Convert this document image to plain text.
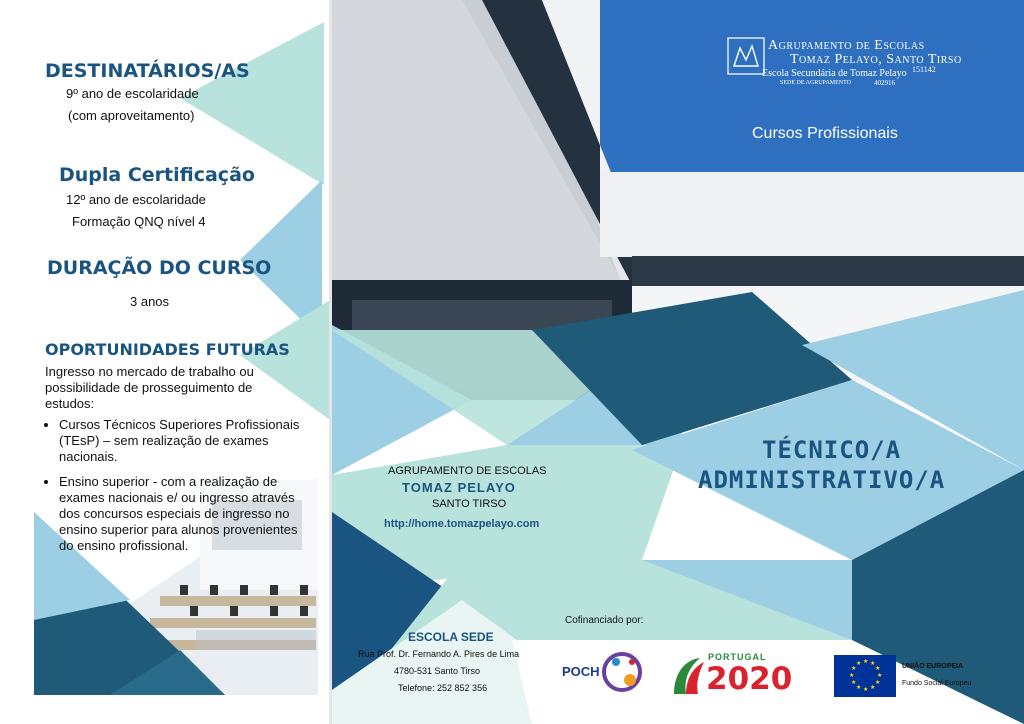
DESTINATÁRIOS/AS
9º ano de escolaridade
(com aproveitamento)
Dupla Certificação
12º ano de escolaridade
Formação QNQ nível 4
DURAÇÃO DO CURSO
3 anos
OPORTUNIDADES FUTURAS
Ingresso no mercado de trabalho ou possibilidade de prosseguimento de estudos:
• Cursos Técnicos Superiores Profissionais (TEsP) – sem realização de exames nacionais.
• Ensino superior - com a realização de exames nacionais e/ ou ingresso através dos concursos especiais de ingresso no ensino superior para alunos provenientes do ensino profissional.
Agrupamento de Escolas
Tomaz Pelayo, Santo Tirso
151142
Escola Secundária de Tomaz Pelayo
SEDE DE AGRUPAMENTO	402916
Cursos Profissionais
TÉCNICO/A
ADMINISTRATIVO/A
AGRUPAMENTO DE ESCOLAS
TOMAZ PELAYO
SANTO TIRSO
http://home.tomazpelayo.com
ESCOLA SEDE
Rua Prof. Dr. Fernando A. Pires de Lima
4780-531 Santo Tirso
Telefone: 252 852 356
Cofinanciado por:
POCH
PORTUGAL
2020	★ ★
★
★
★
★
★
★
★
★
★
★	UNIÃO EUROPEIA
Fundo Social Europeu
